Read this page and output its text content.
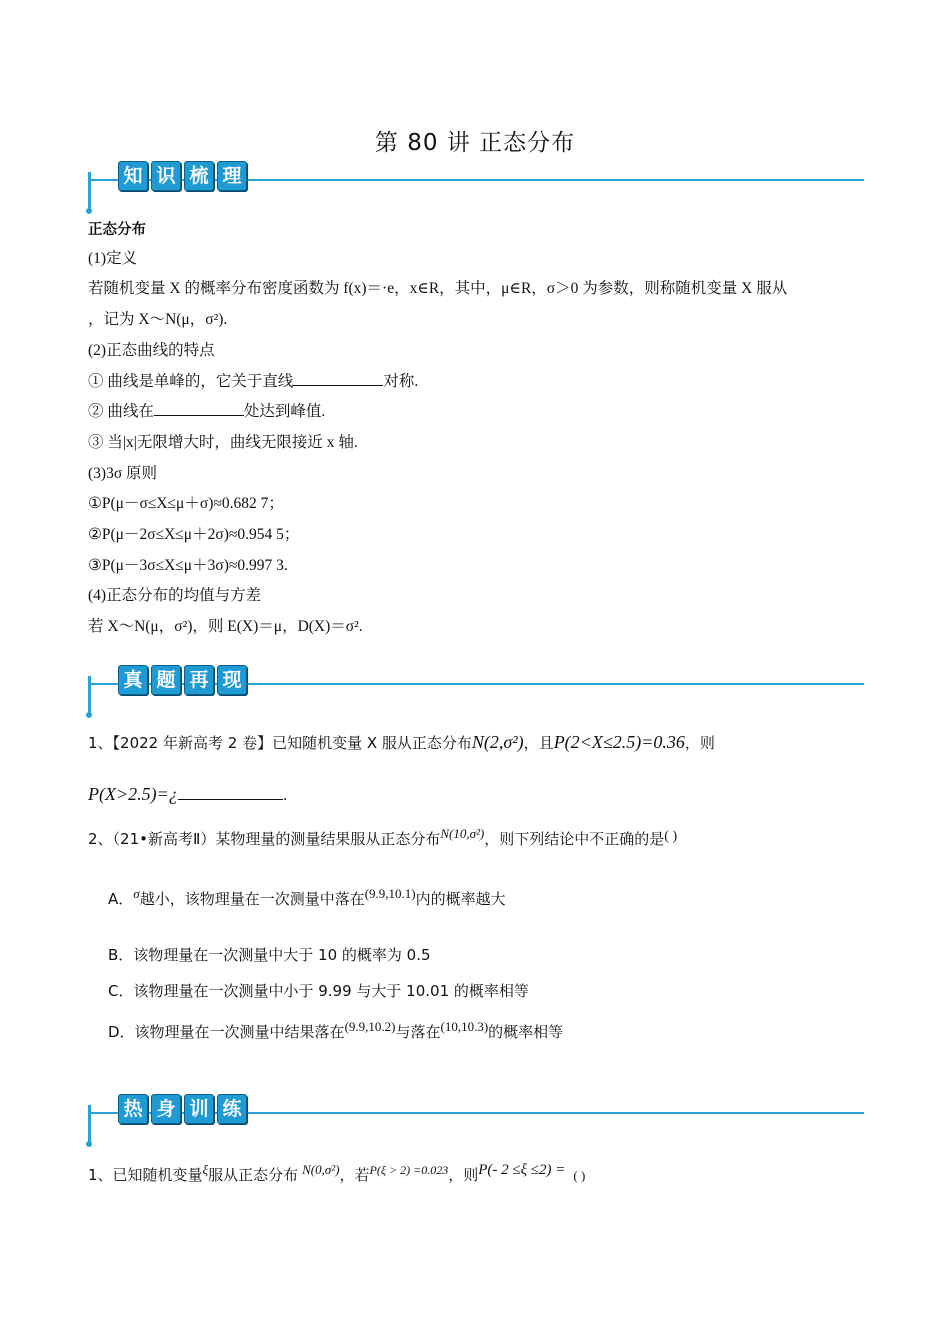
第 80 讲 正态分布
知 识 梳 理
正态分布
(1)定义
若随机变量 X 的概率分布密度函数为 f(x)＝·e，x∈R，其中，μ∈R，σ＞0 为参数，则称随机变量 X 服从
，记为 X～N(μ，σ²).
(2)正态曲线的特点
① 曲线是单峰的，它关于直线	对称.
② 曲线在	处达到峰值.
③ 当|x|无限增大时，曲线无限接近 x 轴.
(3)3σ 原则
①P(μ－σ≤X≤μ＋σ)≈0.682 7；
②P(μ－2σ≤X≤μ＋2σ)≈0.954 5；
③P(μ－3σ≤X≤μ＋3σ)≈0.997 3.
(4)正态分布的均值与方差
若 X～N(μ，σ²)，则 E(X)＝μ，D(X)＝σ².
真 题 再 现
1、【2022 年新高考 2 卷】已知随机变量 X 服从正态分布N(2,σ²)，且P(2<X≤2.5)=0.36，则
P(X>2.5)=¿	.
2、（21•新高考Ⅱ）某物理量的测量结果服从正态分布N(10,σ²)，则下列结论中不正确的是( )
A．σ越小，该物理量在一次测量中落在(9.9,10.1)内的概率越大
B．该物理量在一次测量中大于 10 的概率为 0.5
C．该物理量在一次测量中小于 9.99 与大于 10.01 的概率相等
D．该物理量在一次测量中结果落在(9.9,10.2)与落在(10,10.3)的概率相等
热 身 训 练
1、已知随机变量ξ服从正态分布 N(0,σ²)，若$^{P(\xi > 2) =0.023}$，则P(- 2 ≤ξ ≤2) = ( )
